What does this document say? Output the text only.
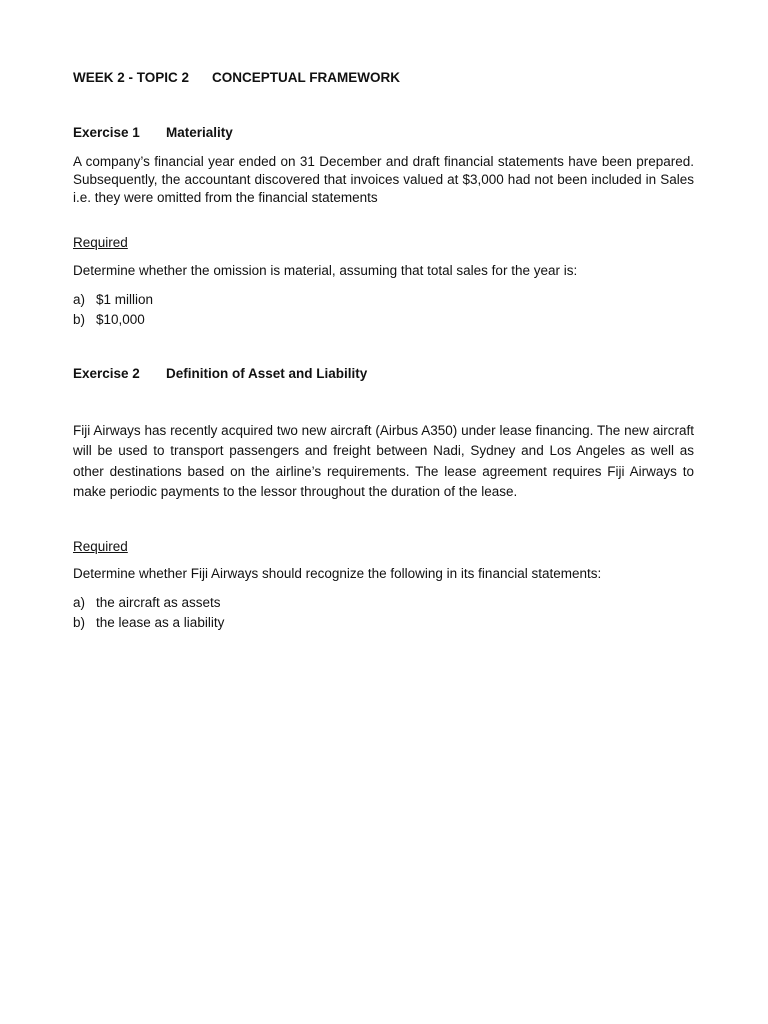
WEEK 2 - TOPIC 2	CONCEPTUAL FRAMEWORK
Exercise 1	Materiality

A company’s financial year ended on 31 December and draft financial statements have been prepared. Subsequently, the accountant discovered that invoices valued at $3,000 had not been included in Sales i.e. they were omitted from the financial statements

Required

Determine whether the omission is material, assuming that total sales for the year is:

a) $1 million
b) $10,000
Exercise 2	Definition of Asset and Liability

Fiji Airways has recently acquired two new aircraft (Airbus A350) under lease financing. The new aircraft will be used to transport passengers and freight between Nadi, Sydney and Los Angeles as well as other destinations based on the airline’s requirements. The lease agreement requires Fiji Airways to make periodic payments to the lessor throughout the duration of the lease.

Required

Determine whether Fiji Airways should recognize the following in its financial statements:

a) the aircraft as assets
b) the lease as a liability
